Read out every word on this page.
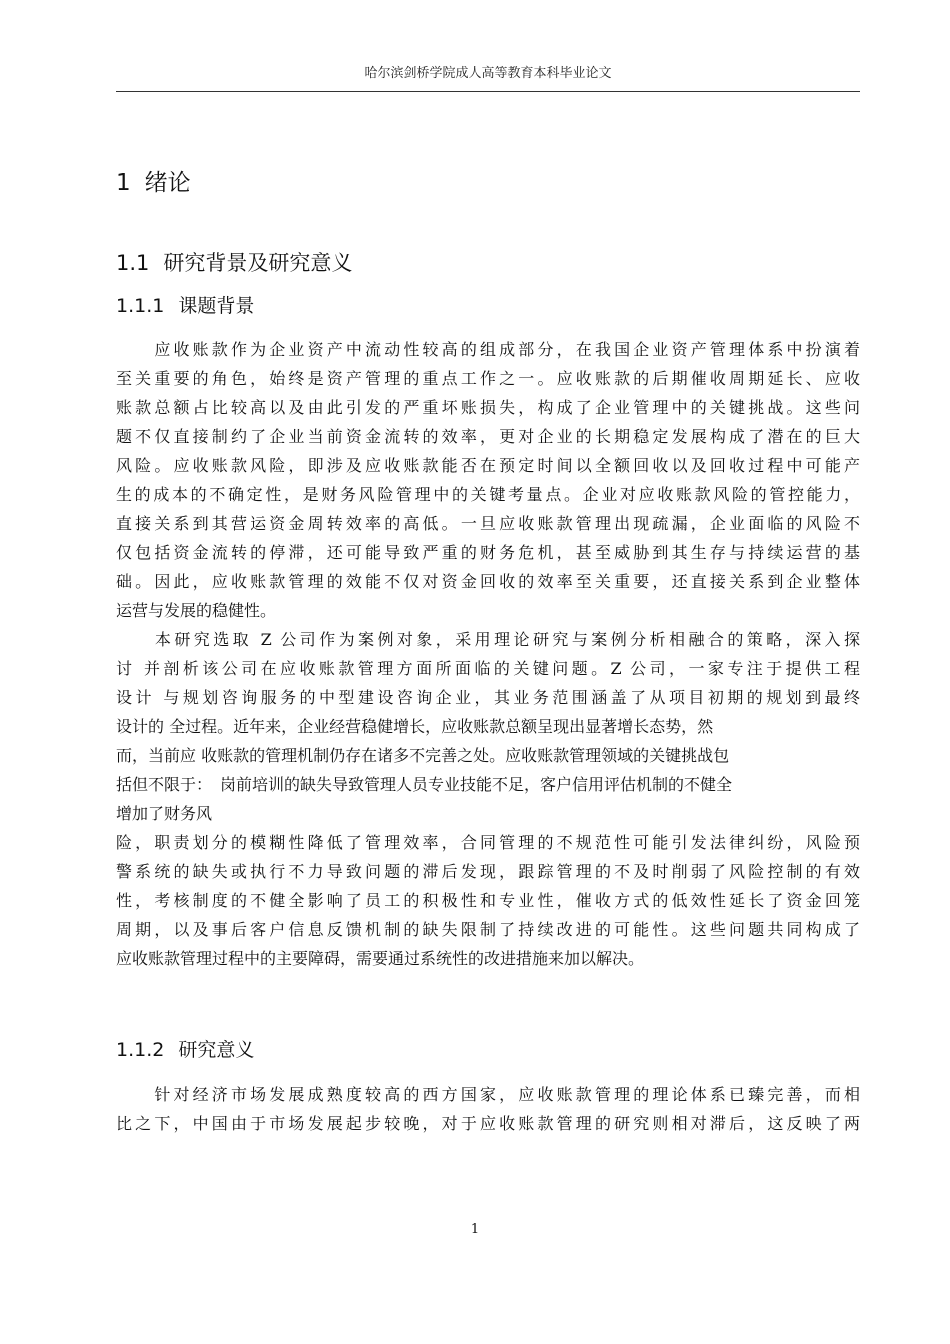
哈尔滨剑桥学院成人高等教育本科毕业论文
1 绪论
1.1 研究背景及研究意义
1.1.1 课题背景
　　应收账款作为企业资产中流动性较高的组成部分，在我国企业资产管理体系中扮演着
至关重要的角色，始终是资产管理的重点工作之一。应收账款的后期催收周期延长、应收
账款总额占比较高以及由此引发的严重坏账损失，构成了企业管理中的关键挑战。这些问
题不仅直接制约了企业当前资金流转的效率，更对企业的长期稳定发展构成了潜在的巨大
风险。应收账款风险，即涉及应收账款能否在预定时间以全额回收以及回收过程中可能产
生的成本的不确定性，是财务风险管理中的关键考量点。企业对应收账款风险的管控能力，
直接关系到其营运资金周转效率的高低。一旦应收账款管理出现疏漏，企业面临的风险不
仅包括资金流转的停滞，还可能导致严重的财务危机，甚至威胁到其生存与持续运营的基
础。因此，应收账款管理的效能不仅对资金回收的效率至关重要，还直接关系到企业整体
运营与发展的稳健性。
　　本研究选取 Z 公司作为案例对象，采用理论研究与案例分析相融合的策略，深入探
讨 并剖析该公司在应收账款管理方面所面临的关键问题。Z 公司，一家专注于提供工程
设计 与规划咨询服务的中型建设咨询企业，其业务范围涵盖了从项目初期的规划到最终
设计的 全过程。近年来，企业经营稳健增长，应收账款总额呈现出显著增长态势，然
而，当前应 收账款的管理机制仍存在诸多不完善之处。应收账款管理领域的关键挑战包
括但不限于：　岗前培训的缺失导致管理人员专业技能不足，客户信用评估机制的不健全
增加了财务风
险，职责划分的模糊性降低了管理效率，合同管理的不规范性可能引发法律纠纷，风险预
警系统的缺失或执行不力导致问题的滞后发现，跟踪管理的不及时削弱了风险控制的有效
性，考核制度的不健全影响了员工的积极性和专业性，催收方式的低效性延长了资金回笼
周期，以及事后客户信息反馈机制的缺失限制了持续改进的可能性。这些问题共同构成了
应收账款管理过程中的主要障碍，需要通过系统性的改进措施来加以解决。
1.1.2 研究意义
　　针对经济市场发展成熟度较高的西方国家，应收账款管理的理论体系已臻完善，而相
比之下，中国由于市场发展起步较晚，对于应收账款管理的研究则相对滞后，这反映了两
1
